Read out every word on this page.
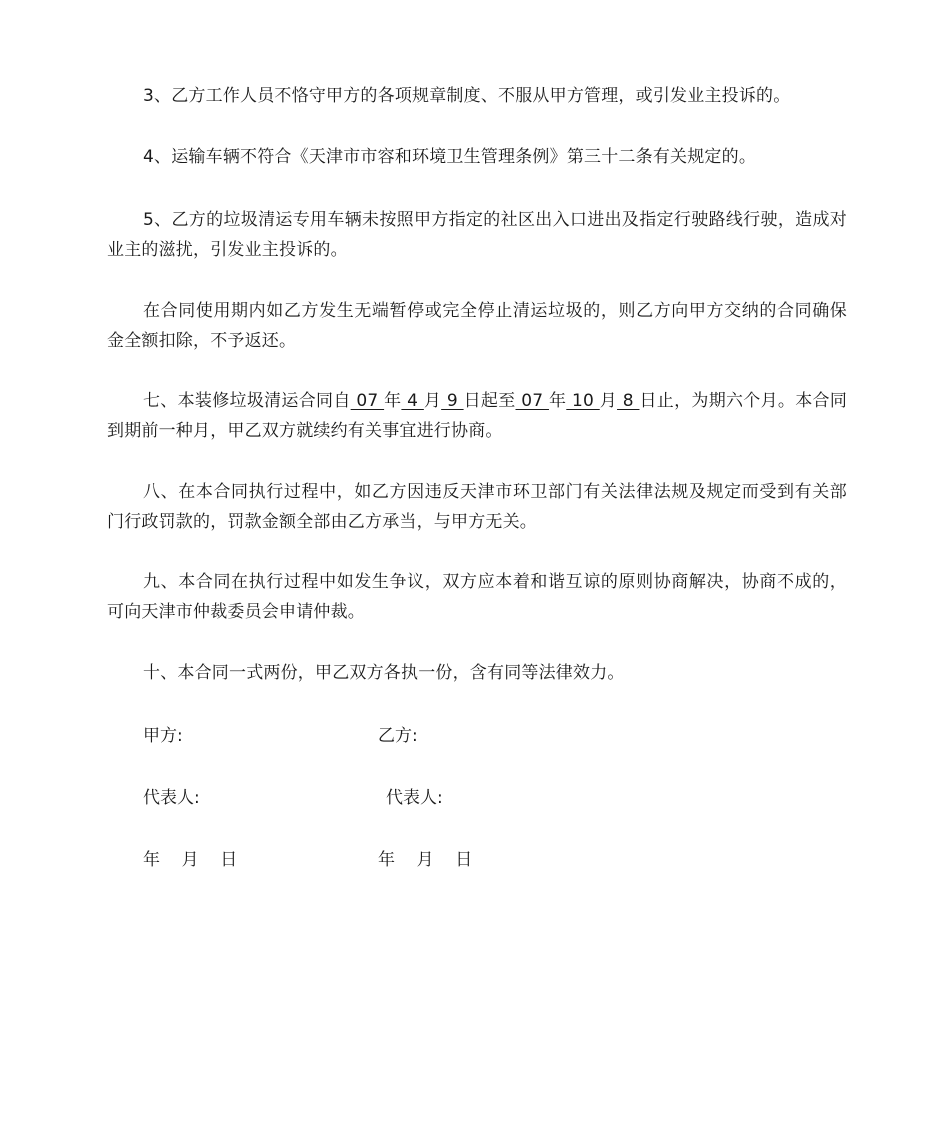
3、乙方工作人员不恪守甲方的各项规章制度、不服从甲方管理，或引发业主投诉的。

4、运输车辆不符合《天津市市容和环境卫生管理条例》第三十二条有关规定的。

5、乙方的垃圾清运专用车辆未按照甲方指定的社区出入口进出及指定行驶路线行驶，造成对业主的滋扰，引发业主投诉的。

在合同使用期内如乙方发生无端暂停或完全停止清运垃圾的，则乙方向甲方交纳的合同确保金全额扣除，不予返还。

七、本装修垃圾清运合同自 07 年 4 月 9 日起至 07 年 10 月 8 日止，为期六个月。本合同到期前一种月，甲乙双方就续约有关事宜进行协商。

八、在本合同执行过程中，如乙方因违反天津市环卫部门有关法律法规及规定而受到有关部门行政罚款的，罚款金额全部由乙方承当，与甲方无关。

九、本合同在执行过程中如发生争议，双方应本着和谐互谅的原则协商解决，协商不成的，可向天津市仲裁委员会申请仲裁。

十、本合同一式两份，甲乙双方各执一份，含有同等法律效力。

甲方:	乙方:

代表人:	代表人:

年    月    日	年    月    日
